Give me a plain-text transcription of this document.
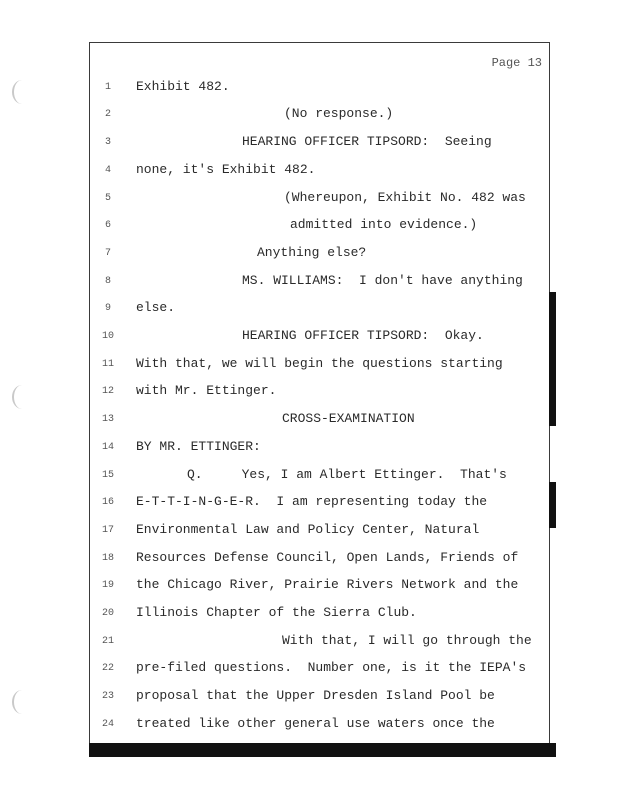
Page 13
1	Exhibit 482.
2	(No response.)
3	HEARING OFFICER TIPSORD:  Seeing
4	none, it's Exhibit 482.
5	(Whereupon, Exhibit No. 482 was
6	admitted into evidence.)
7	Anything else?
8	MS. WILLIAMS:  I don't have anything
9	else.
10	HEARING OFFICER TIPSORD:  Okay.
11	With that, we will begin the questions starting
12	with Mr. Ettinger.
13	CROSS-EXAMINATION
14	BY MR. ETTINGER:
15	Q.     Yes, I am Albert Ettinger.  That's
16	E-T-T-I-N-G-E-R.  I am representing today the
17	Environmental Law and Policy Center, Natural
18	Resources Defense Council, Open Lands, Friends of
19	the Chicago River, Prairie Rivers Network and the
20	Illinois Chapter of the Sierra Club.
21	With that, I will go through the
22	pre-filed questions.  Number one, is it the IEPA's
23	proposal that the Upper Dresden Island Pool be
24	treated like other general use waters once the
